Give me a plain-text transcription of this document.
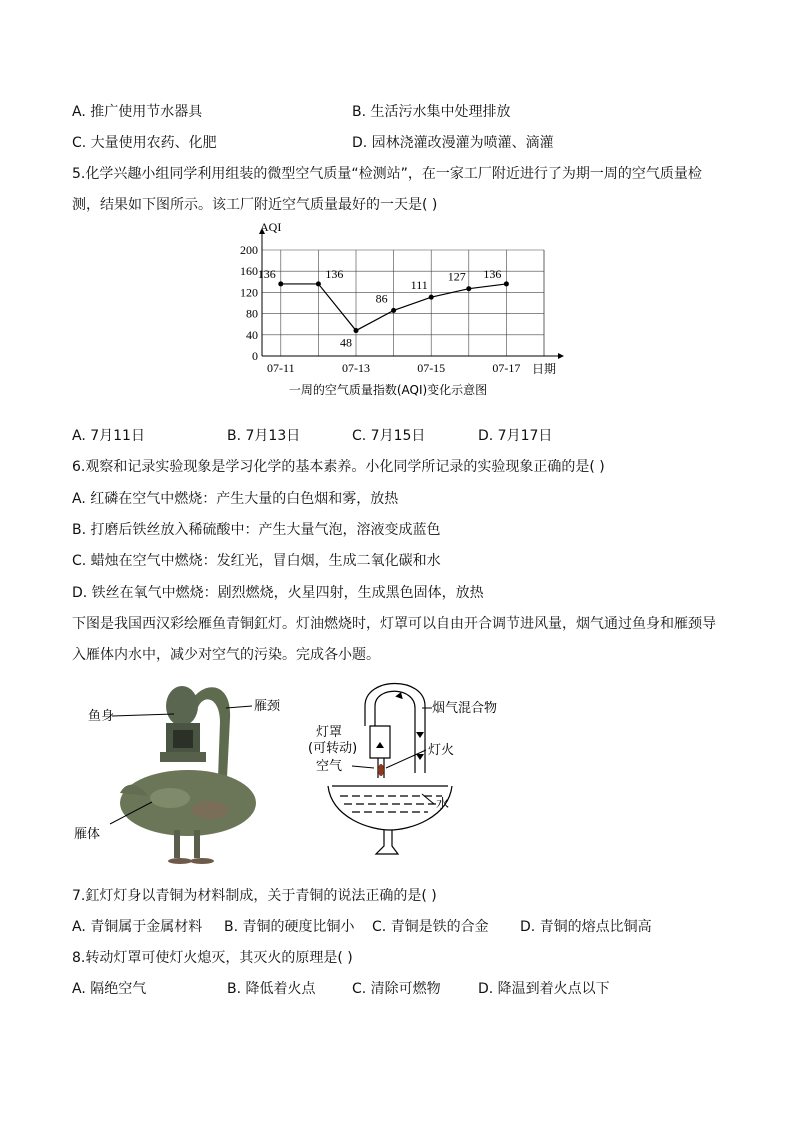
A. 推广使用节水器具	B. 生活污水集中处理排放
C. 大量使用农药、化肥	D. 园林浇灌改漫灌为喷灌、滴灌
5.化学兴趣小组同学利用组装的微型空气质量“检测站”，在一家工厂附近进行了为期一周的空气质量检
测，结果如下图所示。该工厂附近空气质量最好的一天是( )
0
40
80
120
160
200
07-11	07-13	07-15	07-17
136	136
48
86
111
127 136
AQI
日期
一周的空气质量指数(AQI)变化示意图
A. 7月11日	B. 7月13日	C. 7月15日	D. 7月17日
6.观察和记录实验现象是学习化学的基本素养。小化同学所记录的实验现象正确的是( )
A. 红磷在空气中燃烧：产生大量的白色烟和雾，放热
B. 打磨后铁丝放入稀硫酸中：产生大量气泡，溶液变成蓝色
C. 蜡烛在空气中燃烧：发红光，冒白烟，生成二氧化碳和水
D. 铁丝在氧气中燃烧：剧烈燃烧，火星四射，生成黑色固体，放热
下图是我国西汉彩绘雁鱼青铜釭灯。灯油燃烧时，灯罩可以自由开合调节进风量，烟气通过鱼身和雁颈导
入雁体内水中，减少对空气的污染。完成各小题。
鱼身
雁颈
雁体
烟气混合物
灯罩
(可转动)
空气
灯火
水
7.釭灯灯身以青铜为材料制成，关于青铜的说法正确的是( )
A. 青铜属于金属材料 B. 青铜的硬度比铜小 C. 青铜是铁的合金 D. 青铜的熔点比铜高
8.转动灯罩可使灯火熄灭，其灭火的原理是( )
A. 隔绝空气	B. 降低着火点	C. 清除可燃物	D. 降温到着火点以下
